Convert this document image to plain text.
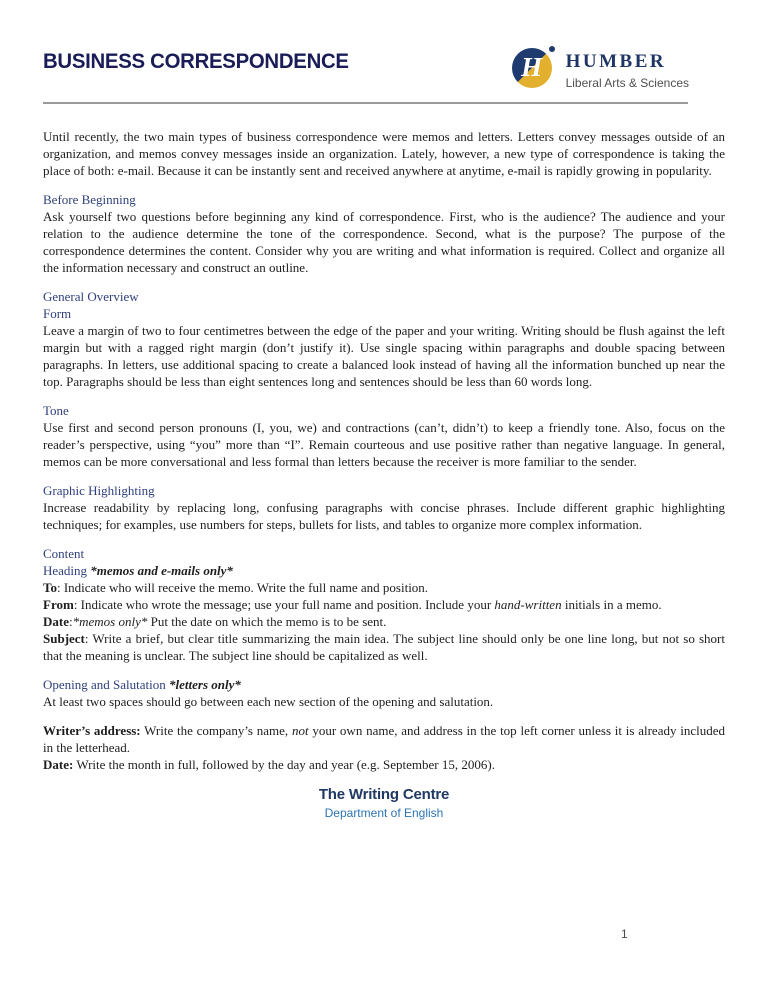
BUSINESS CORRESPONDENCE	H	HUMBER
Liberal Arts & Sciences

Until recently, the two main types of business correspondence were memos and letters. Letters convey messages outside of an organization, and memos convey messages inside an organization. Lately, however, a new type of correspondence is taking the place of both: e-mail. Because it can be instantly sent and received anywhere at anytime, e-mail is rapidly growing in popularity.

Before Beginning

Ask yourself two questions before beginning any kind of correspondence. First, who is the audience? The audience and your relation to the audience determine the tone of the correspondence. Second, what is the purpose? The purpose of the correspondence determines the content. Consider why you are writing and what information is required. Collect and organize all the information necessary and construct an outline.

General Overview

Form

Leave a margin of two to four centimetres between the edge of the paper and your writing. Writing should be flush against the left margin but with a ragged right margin (don’t justify it). Use single spacing within paragraphs and double spacing between paragraphs. In letters, use additional spacing to create a balanced look instead of having all the information bunched up near the top. Paragraphs should be less than eight sentences long and sentences should be less than 60 words long.

Tone

Use first and second person pronouns (I, you, we) and contractions (can’t, didn’t) to keep a friendly tone. Also, focus on the reader’s perspective, using “you” more than “I”. Remain courteous and use positive rather than negative language. In general, memos can be more conversational and less formal than letters because the receiver is more familiar to the sender.

Graphic Highlighting

Increase readability by replacing long, confusing paragraphs with concise phrases. Include different graphic highlighting techniques; for examples, use numbers for steps, bullets for lists, and tables to organize more complex information.

Content

Heading *memos and e-mails only*

To: Indicate who will receive the memo. Write the full name and position.

From: Indicate who wrote the message; use your full name and position. Include your hand-written initials in a memo.

Date:*memos only* Put the date on which the memo is to be sent.

Subject: Write a brief, but clear title summarizing the main idea. The subject line should only be one line long, but not so short that the meaning is unclear. The subject line should be capitalized as well.

Opening and Salutation *letters only*

At least two spaces should go between each new section of the opening and salutation.

Writer’s address: Write the company’s name, not your own name, and address in the top left corner unless it is already included in the letterhead.

Date: Write the month in full, followed by the day and year (e.g. September 15, 2006).

The Writing Centre
Department of English
1
